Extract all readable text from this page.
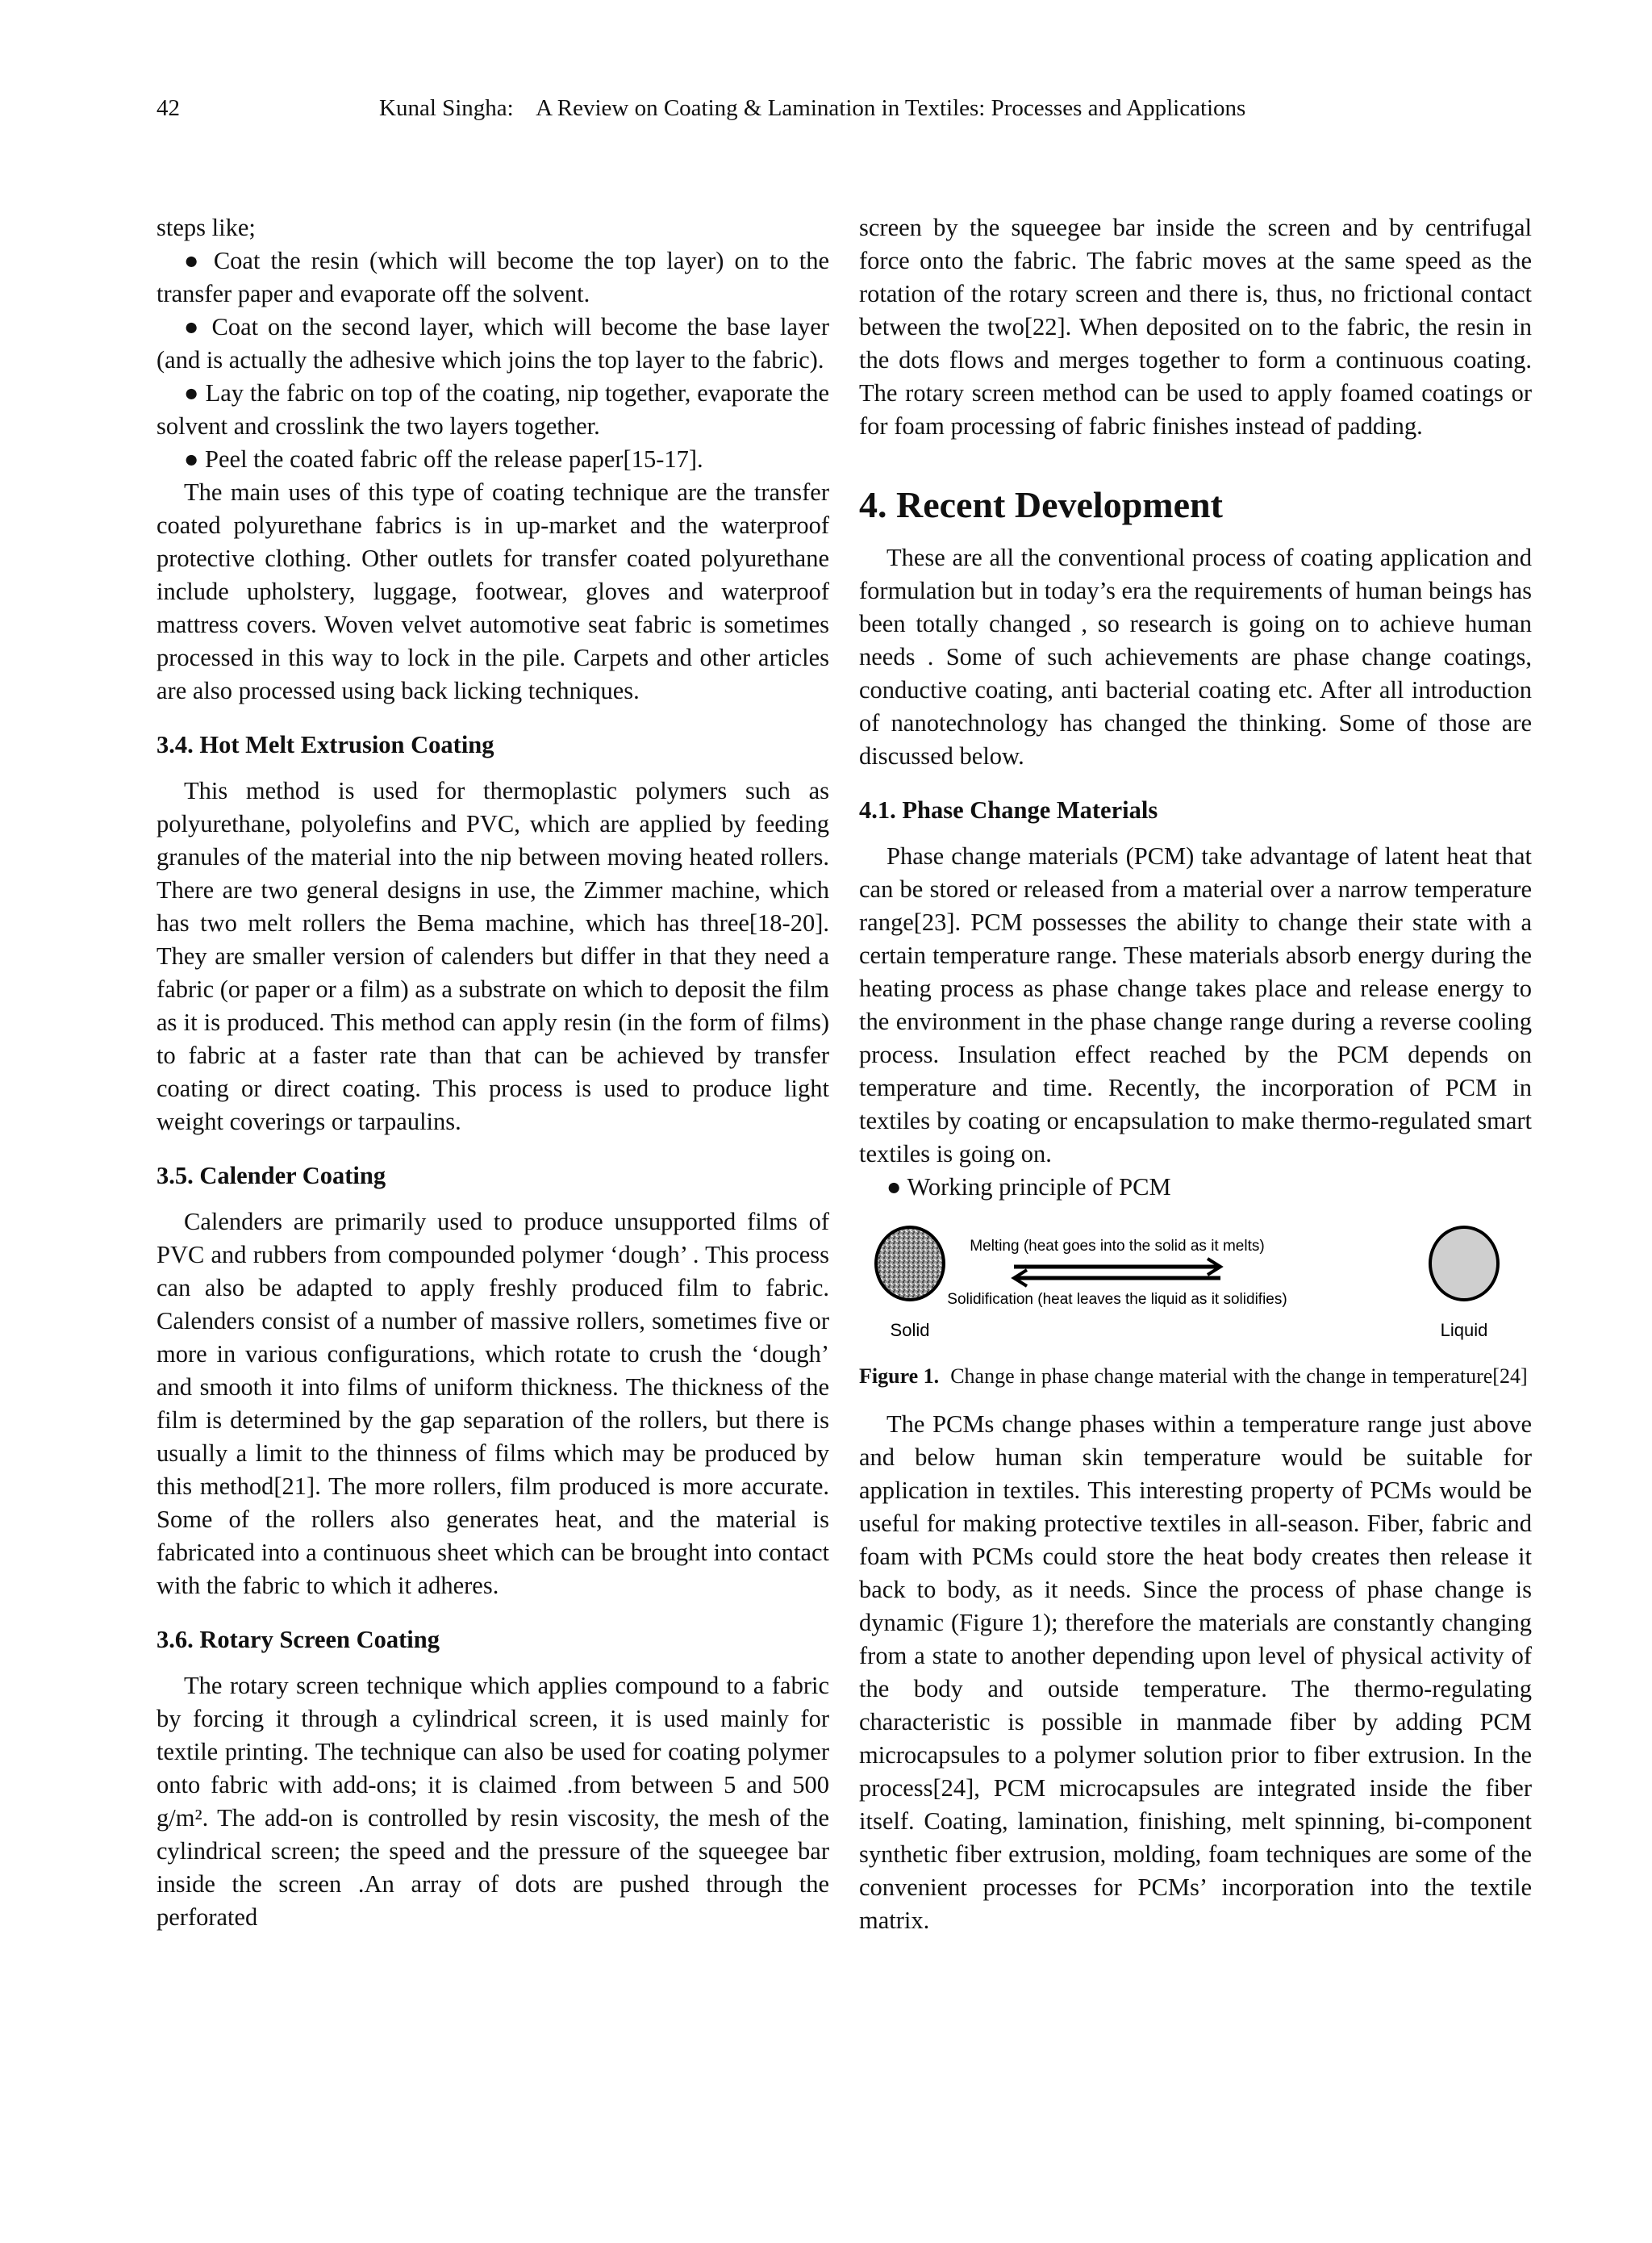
42	Kunal Singha:    A Review on Coating & Lamination in Textiles: Processes and Applications

steps like;

● Coat the resin (which will become the top layer) on to the transfer paper and evaporate off the solvent.

● Coat on the second layer, which will become the base layer (and is actually the adhesive which joins the top layer to the fabric).

● Lay the fabric on top of the coating, nip together, evaporate the solvent and crosslink the two layers together.

● Peel the coated fabric off the release paper[15-17].

The main uses of this type of coating technique are the transfer coated polyurethane fabrics is in up-market and the waterproof protective clothing. Other outlets for transfer coated polyurethane include upholstery, luggage, footwear, gloves and waterproof mattress covers. Woven velvet automotive seat fabric is sometimes processed in this way to lock in the pile. Carpets and other articles are also processed using back licking techniques.

3.4. Hot Melt Extrusion Coating

This method is used for thermoplastic polymers such as polyurethane, polyolefins and PVC, which are applied by feeding granules of the material into the nip between moving heated rollers. There are two general designs in use, the Zimmer machine, which has two melt rollers the Bema machine, which has three[18-20]. They are smaller version of calenders but differ in that they need a fabric (or paper or a film) as a substrate on which to deposit the film as it is produced. This method can apply resin (in the form of films) to fabric at a faster rate than that can be achieved by transfer coating or direct coating. This process is used to produce light weight coverings or tarpaulins.

3.5. Calender Coating

Calenders are primarily used to produce unsupported films of PVC and rubbers from compounded polymer ‘dough’ . This process can also be adapted to apply freshly produced film to fabric. Calenders consist of a number of massive rollers, sometimes five or more in various configurations, which rotate to crush the ‘dough’ and smooth it into films of uniform thickness. The thickness of the film is determined by the gap separation of the rollers, but there is usually a limit to the thinness of films which may be produced by this method[21]. The more rollers, film produced is more accurate. Some of the rollers also generates heat, and the material is fabricated into a continuous sheet which can be brought into contact with the fabric to which it adheres.

3.6. Rotary Screen Coating

The rotary screen technique which applies compound to a fabric by forcing it through a cylindrical screen, it is used mainly for textile printing. The technique can also be used for coating polymer onto fabric with add-ons; it is claimed .from between 5 and 500 g/m². The add-on is controlled by resin viscosity, the mesh of the cylindrical screen; the speed and the pressure of the squeegee bar inside the screen .An array of dots are pushed through the perforated

screen by the squeegee bar inside the screen and by centrifugal force onto the fabric. The fabric moves at the same speed as the rotation of the rotary screen and there is, thus, no frictional contact between the two[22]. When deposited on to the fabric, the resin in the dots flows and merges together to form a continuous coating. The rotary screen method can be used to apply foamed coatings or for foam processing of fabric finishes instead of padding.

4. Recent Development

These are all the conventional process of coating application and formulation but in today’s era the requirements of human beings has been totally changed , so research is going on to achieve human needs . Some of such achievements are phase change coatings, conductive coating, anti bacterial coating etc. After all introduction of nanotechnology has changed the thinking. Some of those are discussed below.

4.1. Phase Change Materials

Phase change materials (PCM) take advantage of latent heat that can be stored or released from a material over a narrow temperature range[23]. PCM possesses the ability to change their state with a certain temperature range. These materials absorb energy during the heating process as phase change takes place and release energy to the environment in the phase change range during a reverse cooling process. Insulation effect reached by the PCM depends on temperature and time. Recently, the incorporation of PCM in textiles by coating or encapsulation to make thermo-regulated smart textiles is going on.

● Working principle of PCM

Melting (heat goes into the solid as it melts)
Solidification (heat leaves the liquid as it solidifies)
Solid	Liquid
Figure 1. Change in phase change material with the change in temperature[24]

The PCMs change phases within a temperature range just above and below human skin temperature would be suitable for application in textiles. This interesting property of PCMs would be useful for making protective textiles in all-season. Fiber, fabric and foam with PCMs could store the heat body creates then release it back to body, as it needs. Since the process of phase change is dynamic (Figure 1); therefore the materials are constantly changing from a state to another depending upon level of physical activity of the body and outside temperature. The thermo-regulating characteristic is possible in manmade fiber by adding PCM microcapsules to a polymer solution prior to fiber extrusion. In the process[24], PCM microcapsules are integrated inside the fiber itself. Coating, lamination, finishing, melt spinning, bi-component synthetic fiber extrusion, molding, foam techniques are some of the convenient processes for PCMs’ incorporation into the textile matrix.
